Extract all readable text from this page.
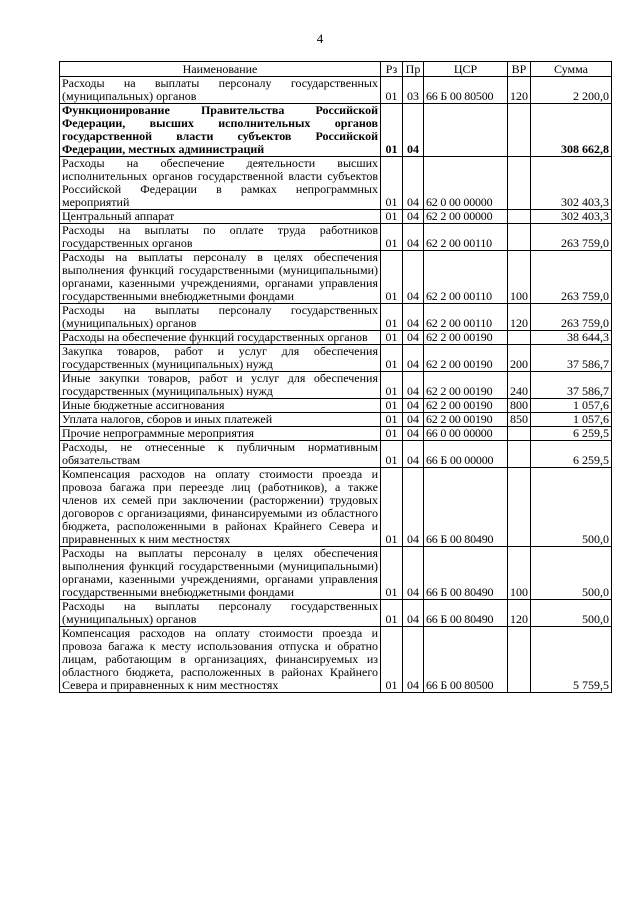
4
Наименование	Рз	Пр	ЦСР	ВР	Сумма
Расходы на выплаты персоналу государственных (муниципальных) органов	01	03	66 Б 00 80500	120	2 200,0
Функционирование Правительства Российской Федерации, высших исполнительных органов государственной власти субъектов Российской Федерации, местных администраций	01	04			308 662,8
Расходы на обеспечение деятельности высших исполнительных органов государственной власти субъектов Российской Федерации в рамках непрограммных мероприятий	01	04	62 0 00 00000		302 403,3
Центральный аппарат	01	04	62 2 00 00000		302 403,3
Расходы на выплаты по оплате труда работников государственных органов	01	04	62 2 00 00110		263 759,0
Расходы на выплаты персоналу в целях обеспечения выполнения функций государственными (муниципальными) органами, казенными учреждениями, органами управления государственными внебюджетными фондами	01	04	62 2 00 00110	100	263 759,0
Расходы на выплаты персоналу государственных (муниципальных) органов	01	04	62 2 00 00110	120	263 759,0
Расходы на обеспечение функций государственных органов	01	04	62 2 00 00190		38 644,3
Закупка товаров, работ и услуг для обеспечения государственных (муниципальных) нужд	01	04	62 2 00 00190	200	37 586,7
Иные закупки товаров, работ и услуг для обеспечения государственных (муниципальных) нужд	01	04	62 2 00 00190	240	37 586,7
Иные бюджетные ассигнования	01	04	62 2 00 00190	800	1 057,6
Уплата налогов, сборов и иных платежей	01	04	62 2 00 00190	850	1 057,6
Прочие непрограммные мероприятия	01	04	66 0 00 00000		6 259,5
Расходы, не отнесенные к публичным нормативным обязательствам	01	04	66 Б 00 00000		6 259,5
Компенсация расходов на оплату стоимости проезда и провоза багажа при переезде лиц (работников), а также членов их семей при заключении (расторжении) трудовых договоров с организациями, финансируемыми из областного бюджета, расположенными в районах Крайнего Севера и приравненных к ним местностях	01	04	66 Б 00 80490		500,0
Расходы на выплаты персоналу в целях обеспечения выполнения функций государственными (муниципальными) органами, казенными учреждениями, органами управления государственными внебюджетными фондами	01	04	66 Б 00 80490	100	500,0
Расходы на выплаты персоналу государственных (муниципальных) органов	01	04	66 Б 00 80490	120	500,0
Компенсация расходов на оплату стоимости проезда и провоза багажа к месту использования отпуска и обратно лицам, работающим в организациях, финансируемых из областного бюджета, расположенных в районах Крайнего Севера и приравненных к ним местностях	01	04	66 Б 00 80500		5 759,5
